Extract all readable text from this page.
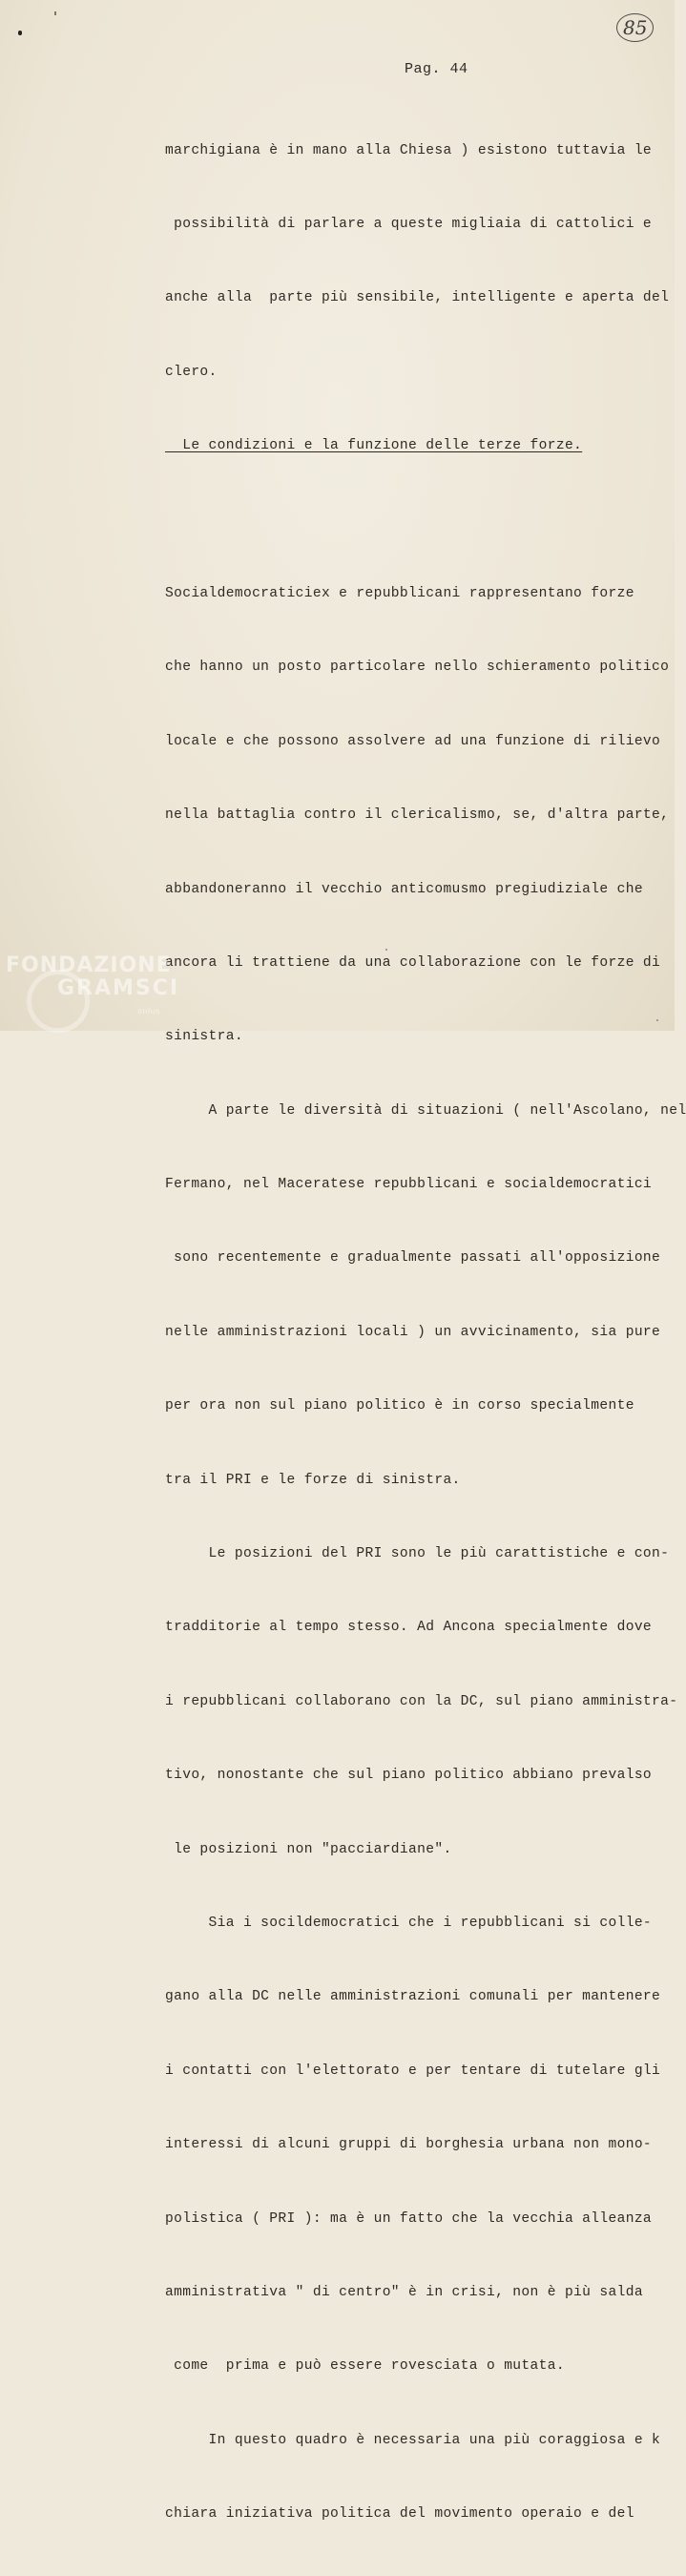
85
Pag. 44

marchigiana è in mano alla Chiesa ) esistono tuttavia le

possibilità di parlare a queste migliaia di cattolici e

anche alla  parte più sensibile, intelligente e aperta del

clero.

Le condizioni e la funzione delle terze forze.

Socialdemocraticiex e repubblicani rappresentano forze

che hanno un posto particolare nello schieramento politico

locale e che possono assolvere ad una funzione di rilievo

nella battaglia contro il clericalismo, se, d'altra parte,

abbandoneranno il vecchio anticomusmo pregiudiziale che

ancora li trattiene da una collaborazione con le forze di

sinistra.

A parte le diversità di situazioni ( nell'Ascolano, nel

Fermano, nel Maceratese repubblicani e socialdemocratici

sono recentemente e gradualmente passati all'opposizione

nelle amministrazioni locali ) un avvicinamento, sia pure

per ora non sul piano politico è in corso specialmente

tra il PRI e le forze di sinistra.

Le posizioni del PRI sono le più carattistiche e con-

tradditorie al tempo stesso. Ad Ancona specialmente dove

i repubblicani collaborano con la DC, sul piano amministra-

tivo, nonostante che sul piano politico abbiano prevalso

le posizioni non "pacciardiane".

Sia i socildemocratici che i repubblicani si colle-

gano alla DC nelle amministrazioni comunali per mantenere

i contatti con l'elettorato e per tentare di tutelare gli

interessi di alcuni gruppi di borghesia urbana non mono-

polistica ( PRI ): ma è un fatto che la vecchia alleanza

amministrativa " di centro" è in crisi, non è più salda

come  prima e può essere rovesciata o mutata.

In questo quadro è necessaria una più coraggiosa e k

chiara iniziativa politica del movimento operaio e del

FONDAZIONE
GRAMSCI
onlus
